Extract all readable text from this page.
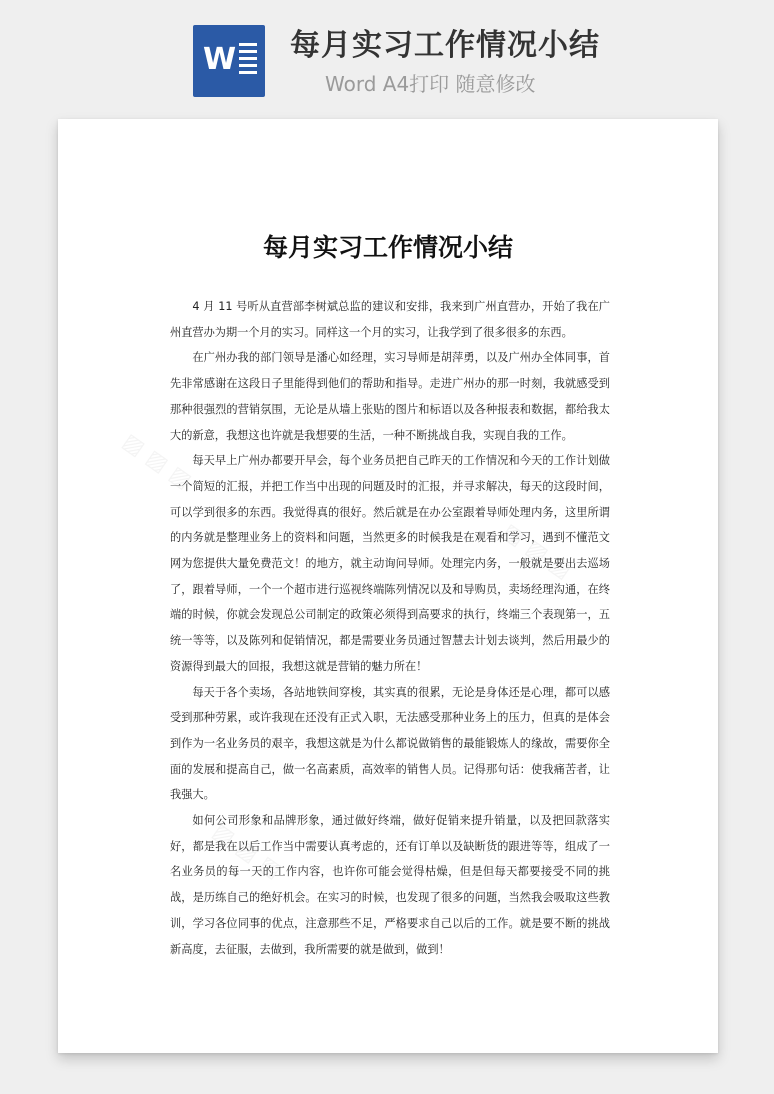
W 每月实习工作情况小结
Word A4打印 随意修改
▨ ▨ ▨
▨ ▨ ▨
▨ ▨ ▨
每月实习工作情况小结

4 月 11 号听从直营部李树斌总监的建议和安排，我来到广州直营办，开始了我在广州直营办为期一个月的实习。同样这一个月的实习，让我学到了很多很多的东西。

在广州办我的部门领导是潘心如经理，实习导师是胡萍勇，以及广州办全体同事，首先非常感谢在这段日子里能得到他们的帮助和指导。走进广州办的那一时刻，我就感受到那种很强烈的营销氛围，无论是从墙上张贴的图片和标语以及各种报表和数据，都给我太大的新意，我想这也许就是我想要的生活，一种不断挑战自我，实现自我的工作。

每天早上广州办都要开早会，每个业务员把自己昨天的工作情况和今天的工作计划做一个简短的汇报，并把工作当中出现的问题及时的汇报，并寻求解决，每天的这段时间，可以学到很多的东西。我觉得真的很好。然后就是在办公室跟着导师处理内务，这里所谓的内务就是整理业务上的资料和问题，当然更多的时候我是在观看和学习，遇到不懂范文网为您提供大量免费范文！的地方，就主动询问导师。处理完内务，一般就是要出去巡场了，跟着导师，一个一个超市进行巡视终端陈列情况以及和导购员，卖场经理沟通，在终端的时候，你就会发现总公司制定的政策必须得到高要求的执行，终端三个表现第一，五统一等等，以及陈列和促销情况，都是需要业务员通过智慧去计划去谈判，然后用最少的资源得到最大的回报，我想这就是营销的魅力所在！

每天于各个卖场，各站地铁间穿梭，其实真的很累，无论是身体还是心理，都可以感受到那种劳累，或许我现在还没有正式入职，无法感受那种业务上的压力，但真的是体会到作为一名业务员的艰辛，我想这就是为什么都说做销售的最能锻炼人的缘故，需要你全面的发展和提高自己，做一名高素质，高效率的销售人员。记得那句话：使我痛苦者，让我强大。

如何公司形象和品牌形象，通过做好终端，做好促销来提升销量，以及把回款落实好，都是我在以后工作当中需要认真考虑的，还有订单以及缺断货的跟进等等，组成了一名业务员的每一天的工作内容，也许你可能会觉得枯燥，但是但每天都要接受不同的挑战，是历练自己的绝好机会。在实习的时候，也发现了很多的问题，当然我会吸取这些教训，学习各位同事的优点，注意那些不足，严格要求自己以后的工作。就是要不断的挑战新高度，去征服，去做到，我所需要的就是做到，做到！
